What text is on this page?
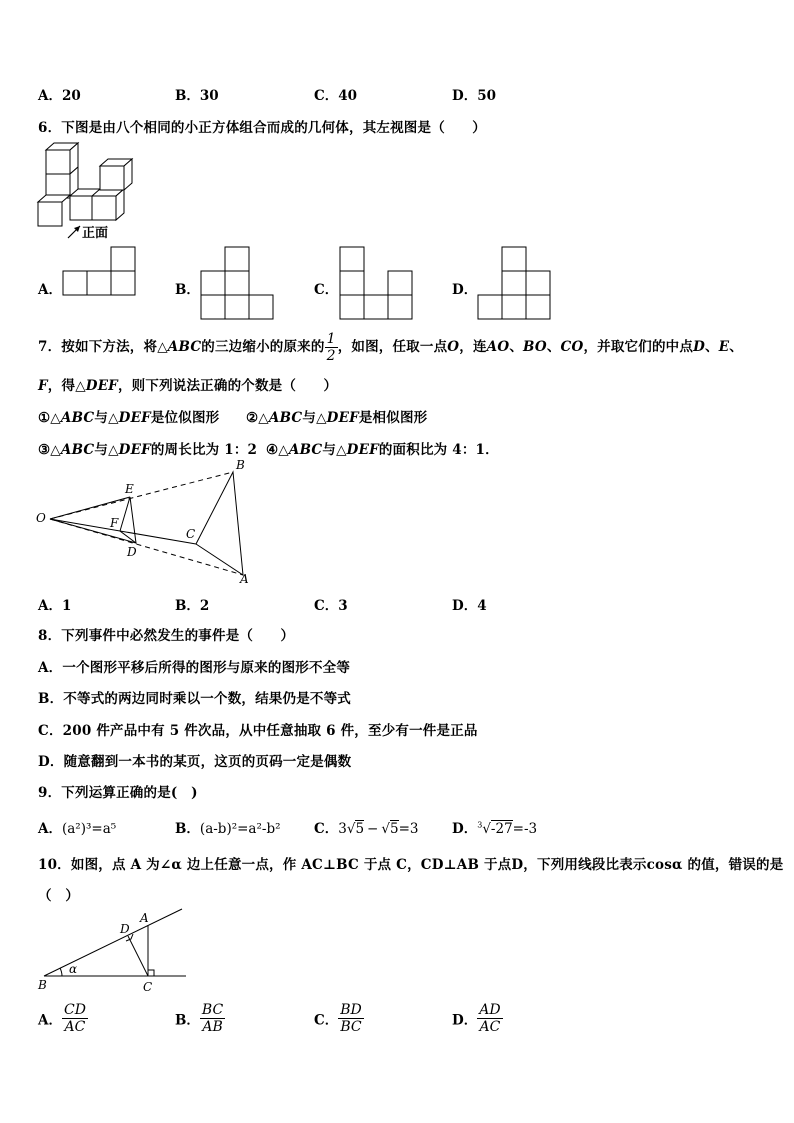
A．20	B．30	C．40	D．50
6．下图是由八个相同的小正方体组合而成的几何体，其左视图是（　　）
正面
A．	B．	C．	D．
7．按如下方法，将△ABC的三边缩小的原来的 $\frac{1}{2}$ ，如图，任取一点O，连AO、BO、CO，并取它们的中点D、E、
F，得△DEF，则下列说法正确的个数是（　　）
①△ABC与△DEF是位似图形 ②△ABC与△DEF是相似图形
③△ABC与△DEF的周长比为 1：2 ④△ABC与△DEF的面积比为 4：1．
B
E
O	F
C
D
A
A．1	B．2	C．3	D．4
8．下列事件中必然发生的事件是（　　）
A．一个图形平移后所得的图形与原来的图形不全等
B．不等式的两边同时乘以一个数，结果仍是不等式
C．200 件产品中有 5 件次品，从中任意抽取 6 件，至少有一件是正品
D．随意翻到一本书的某页，这页的页码一定是偶数
9．下列运算正确的是(　)
A．(a²)³=a⁵	B．(a-b)²=a²-b² C．3√5 − √5=3 D．$^3$√-27=-3
10．如图，点 A 为∠α 边上任意一点，作 AC⊥BC 于点 C，CD⊥AB 于点D，下列用线段比表示cosα 的值，错误的是
（　）
A
D
α
B	C
A． $\frac{CD}{AC}$	B． $\frac{BC}{AB}$	C． $\frac{BD}{BC}$	D． $\frac{AD}{AC}$
